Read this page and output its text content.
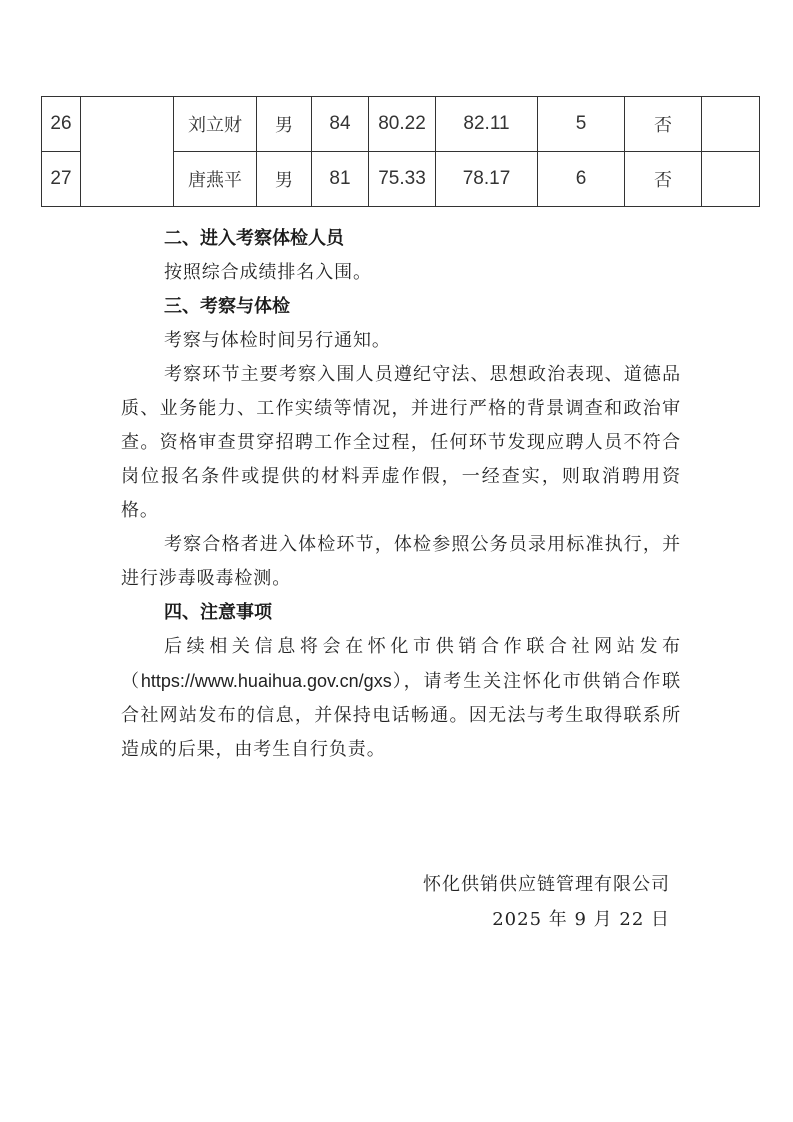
26		刘立财	男	84	80.22	82.11	5	否	
27		唐燕平	男	81	75.33	78.17	6	否	
二、进入考察体检人员

按照综合成绩排名入围。

三、考察与体检

考察与体检时间另行通知。

考察环节主要考察入围人员遵纪守法、思想政治表现、道德品质、业务能力、工作实绩等情况，并进行严格的背景调查和政治审查。资格审查贯穿招聘工作全过程，任何环节发现应聘人员不符合岗位报名条件或提供的材料弄虚作假，一经查实，则取消聘用资格。

考察合格者进入体检环节，体检参照公务员录用标准执行，并进行涉毒吸毒检测。

四、注意事项

后续相关信息将会在怀化市供销合作联合社网站发布（https://www.huaihua.gov.cn/gxs），请考生关注怀化市供销合作联合社网站发布的信息，并保持电话畅通。因无法与考生取得联系所造成的后果，由考生自行负责。

怀化供销供应链管理有限公司
2025 年 9 月 22 日
